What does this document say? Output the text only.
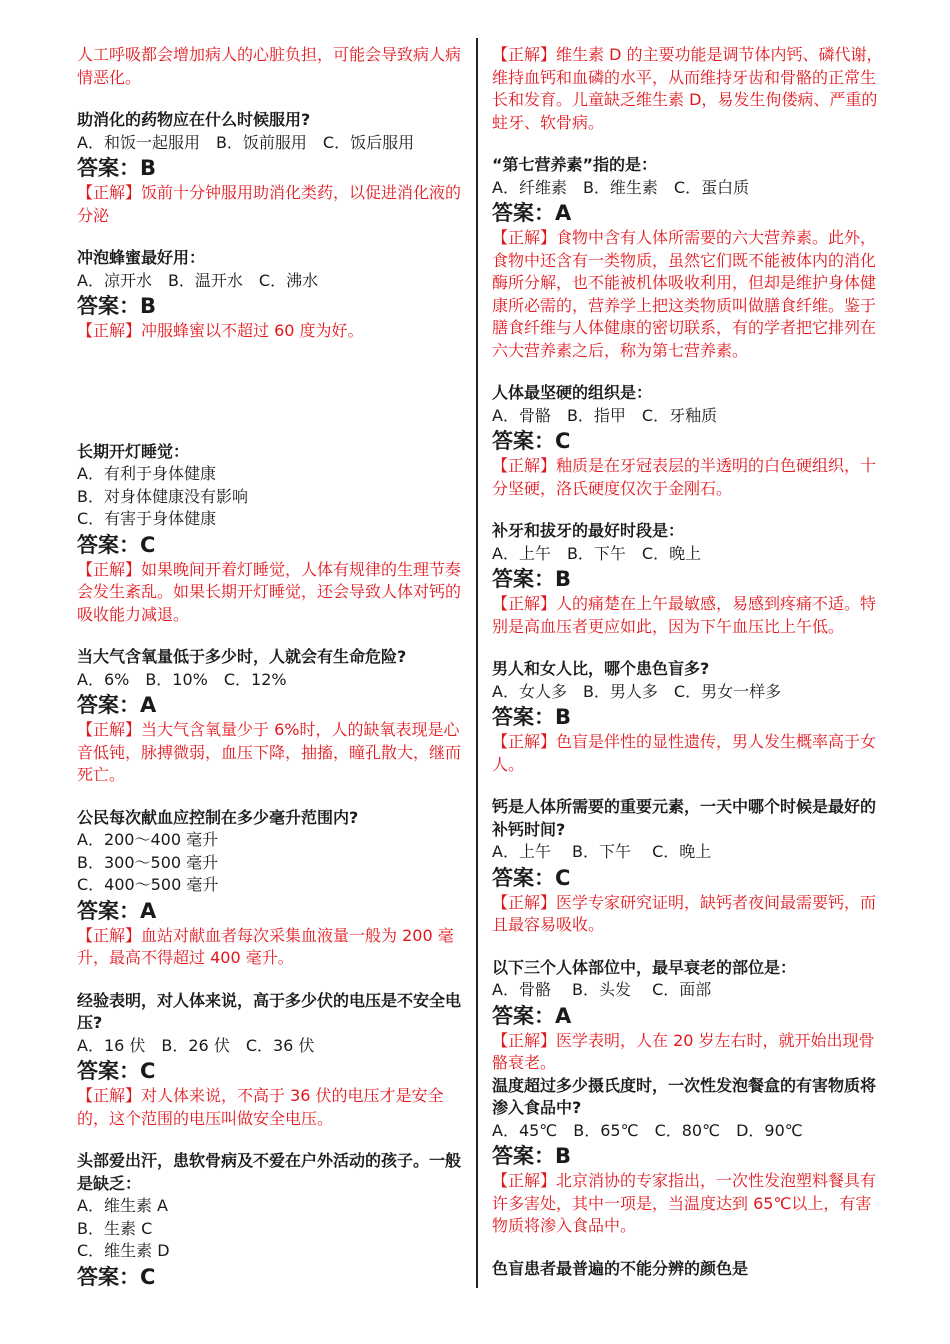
人工呼吸都会增加病人的心脏负担，可能会导致病人病情恶化。
助消化的药物应在什么时候服用?
A．和饭一起服用　B．饭前服用　C．饭后服用
答案：B
【正解】饭前十分钟服用助消化类药，以促进消化液的分泌
冲泡蜂蜜最好用：
A．凉开水　B．温开水　C．沸水
答案：B
【正解】冲服蜂蜜以不超过 60 度为好。
长期开灯睡觉：
A．有利于身体健康
B．对身体健康没有影响
C．有害于身体健康
答案：C
【正解】如果晚间开着灯睡觉，人体有规律的生理节奏会发生紊乱。如果长期开灯睡觉，还会导致人体对钙的吸收能力减退。
当大气含氧量低于多少时，人就会有生命危险?
A．6%　B．10%　C．12%
答案：A
【正解】当大气含氧量少于 6%时，人的缺氧表现是心音低钝，脉搏微弱，血压下降，抽搐，瞳孔散大，继而死亡。
公民每次献血应控制在多少毫升范围内?
A．200～400 毫升
B．300～500 毫升
C．400～500 毫升
答案：A
【正解】血站对献血者每次采集血液量一般为 200 毫升，最高不得超过 400 毫升。
经验表明，对人体来说，高于多少伏的电压是不安全电压?
A．16 伏　B．26 伏　C．36 伏
答案：C
【正解】对人体来说，不高于 36 伏的电压才是安全的，这个范围的电压叫做安全电压。
头部爱出汗，患软骨病及不爱在户外活动的孩子。一般是缺乏：
A．维生素 A
B．生素 C
C．维生素 D
答案：C
【正解】维生素 D 的主要功能是调节体内钙、磷代谢，维持血钙和血磷的水平，从而维持牙齿和骨骼的正常生长和发育。儿童缺乏维生素 D，易发生佝偻病、严重的蛀牙、软骨病。
“第七营养素”指的是：
A．纤维素　B．维生素　C．蛋白质
答案：A
【正解】食物中含有人体所需要的六大营养素。此外，食物中还含有一类物质，虽然它们既不能被体内的消化酶所分解，也不能被机体吸收利用，但却是维护身体健康所必需的，营养学上把这类物质叫做膳食纤维。鉴于膳食纤维与人体健康的密切联系，有的学者把它排列在六大营养素之后，称为第七营养素。
人体最坚硬的组织是：
A．骨骼　B．指甲　C．牙釉质
答案：C
【正解】釉质是在牙冠表层的半透明的白色硬组织，十分坚硬，洛氏硬度仅次于金刚石。
补牙和拔牙的最好时段是：
A．上午　B．下午　C．晚上
答案：B
【正解】人的痛楚在上午最敏感，易感到疼痛不适。特别是高血压者更应如此，因为下午血压比上午低。
男人和女人比，哪个患色盲多?
A．女人多　B．男人多　C．男女一样多
答案：B
【正解】色盲是伴性的显性遗传，男人发生概率高于女人。
钙是人体所需要的重要元素，一天中哪个时候是最好的补钙时间?
A．上午　 B．下午　 C．晚上
答案：C
【正解】医学专家研究证明，缺钙者夜间最需要钙，而且最容易吸收。
以下三个人体部位中，最早衰老的部位是：
A．骨骼　 B．头发　 C．面部
答案：A
【正解】医学表明，人在 20 岁左右时，就开始出现骨骼衰老。
温度超过多少摄氏度时，一次性发泡餐盒的有害物质将渗入食品中?
A．45℃　B．65℃　C．80℃　D．90℃
答案：B
【正解】北京消协的专家指出，一次性发泡塑料餐具有许多害处，其中一项是，当温度达到 65℃以上，有害物质将渗入食品中。
色盲患者最普遍的不能分辨的颜色是
